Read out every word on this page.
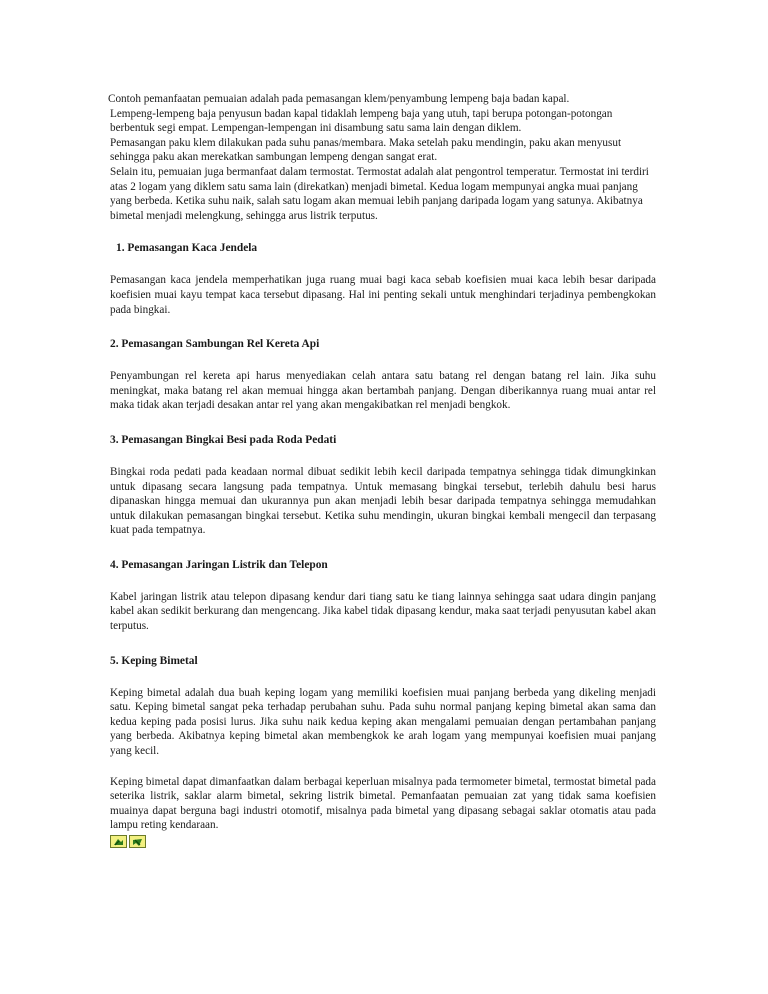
Contoh pemanfaatan pemuaian adalah pada pemasangan klem/penyambung lempeng baja badan kapal.

Lempeng-lempeng baja penyusun badan kapal tidaklah lempeng baja yang utuh, tapi berupa potongan-potongan berbentuk segi empat. Lempengan-lempengan ini disambung satu sama lain dengan diklem.

Pemasangan paku klem dilakukan pada suhu panas/membara. Maka setelah paku mendingin, paku akan menyusut sehingga paku akan merekatkan sambungan lempeng dengan sangat erat.

Selain itu, pemuaian juga bermanfaat dalam termostat. Termostat adalah alat pengontrol temperatur. Termostat ini terdiri atas 2 logam yang diklem satu sama lain (direkatkan) menjadi bimetal. Kedua logam mempunyai angka muai panjang yang berbeda. Ketika suhu naik, salah satu logam akan memuai lebih panjang daripada logam yang satunya. Akibatnya bimetal menjadi melengkung, sehingga arus listrik terputus.

1. Pemasangan Kaca Jendela

Pemasangan kaca jendela memperhatikan juga ruang muai bagi kaca sebab koefisien muai kaca lebih besar daripada koefisien muai kayu tempat kaca tersebut dipasang. Hal ini penting sekali untuk menghindari terjadinya pembengkokan pada bingkai.

2. Pemasangan Sambungan Rel Kereta Api

Penyambungan rel kereta api harus menyediakan celah antara satu batang rel dengan batang rel lain. Jika suhu meningkat, maka batang rel akan memuai hingga akan bertambah panjang. Dengan diberikannya ruang muai antar rel maka tidak akan terjadi desakan antar rel yang akan mengakibatkan rel menjadi bengkok.

3. Pemasangan Bingkai Besi pada Roda Pedati

Bingkai roda pedati pada keadaan normal dibuat sedikit lebih kecil daripada tempatnya sehingga tidak dimungkinkan untuk dipasang secara langsung pada tempatnya. Untuk memasang bingkai tersebut, terlebih dahulu besi harus dipanaskan hingga memuai dan ukurannya pun akan menjadi lebih besar daripada tempatnya sehingga memudahkan untuk dilakukan pemasangan bingkai tersebut. Ketika suhu mendingin, ukuran bingkai kembali mengecil dan terpasang kuat pada tempatnya.

4. Pemasangan Jaringan Listrik dan Telepon

Kabel jaringan listrik atau telepon dipasang kendur dari tiang satu ke tiang lainnya sehingga saat udara dingin panjang kabel akan sedikit berkurang dan mengencang. Jika kabel tidak dipasang kendur, maka saat terjadi penyusutan kabel akan terputus.

5. Keping Bimetal

Keping bimetal adalah dua buah keping logam yang memiliki koefisien muai panjang berbeda yang dikeling menjadi satu. Keping bimetal sangat peka terhadap perubahan suhu. Pada suhu normal panjang keping bimetal akan sama dan kedua keping pada posisi lurus. Jika suhu naik kedua keping akan mengalami pemuaian dengan pertambahan panjang yang berbeda. Akibatnya keping bimetal akan membengkok ke arah logam yang mempunyai koefisien muai panjang yang kecil.

Keping bimetal dapat dimanfaatkan dalam berbagai keperluan misalnya pada termometer bimetal, termostat bimetal pada seterika listrik, saklar alarm bimetal, sekring listrik bimetal. Pemanfaatan pemuaian zat yang tidak sama koefisien muainya dapat berguna bagi industri otomotif, misalnya pada bimetal yang dipasang sebagai saklar otomatis atau pada lampu reting kendaraan.
